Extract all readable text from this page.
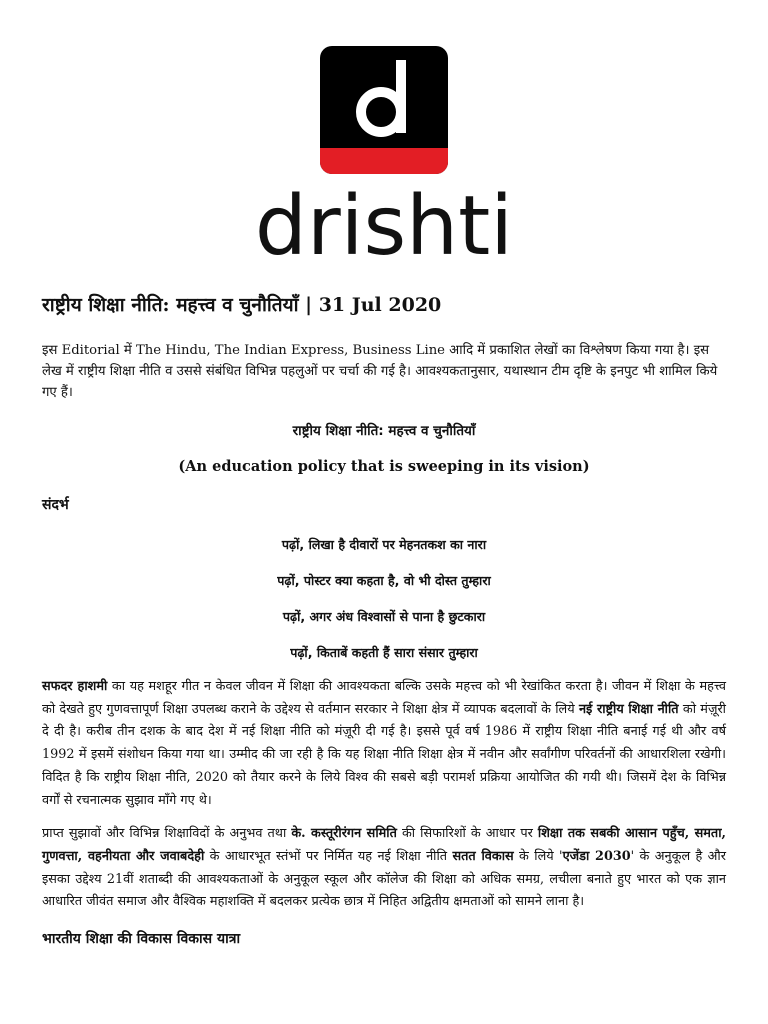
drishti
राष्ट्रीय शिक्षा नीति: महत्त्व व चुनौतियाँ | 31 Jul 2020

इस Editorial में The Hindu, The Indian Express, Business Line आदि में प्रकाशित लेखों का विश्लेषण किया गया है। इस लेख में राष्ट्रीय शिक्षा नीति व उससे संबंधित विभिन्न पहलुओं पर चर्चा की गई है। आवश्यकतानुसार, यथास्थान टीम दृष्टि के इनपुट भी शामिल किये गए हैं।

राष्ट्रीय शिक्षा नीति: महत्त्व व चुनौतियाँ

(An education policy that is sweeping in its vision)

संदर्भ

पढ़ों, लिखा है दीवारों पर मेहनतकश का नारा

पढ़ों, पोस्टर क्या कहता है, वो भी दोस्त तुम्हारा

पढ़ों, अगर अंध विश्वासों से पाना है छुटकारा

पढ़ों, किताबें कहती हैं सारा संसार तुम्हारा

सफदर हाशमी का यह मशहूर गीत न केवल जीवन में शिक्षा की आवश्यकता बल्कि उसके महत्त्व को भी रेखांकित करता है। जीवन में शिक्षा के महत्त्व को देखते हुए गुणवत्तापूर्ण शिक्षा उपलब्ध कराने के उद्देश्य से वर्तमान सरकार ने शिक्षा क्षेत्र में व्यापक बदलावों के लिये नई राष्ट्रीय शिक्षा नीति को मंज़ूरी दे दी है। करीब तीन दशक के बाद देश में नई शिक्षा नीति को मंज़ूरी दी गई है। इससे पूर्व वर्ष 1986 में राष्ट्रीय शिक्षा नीति बनाई गई थी और वर्ष 1992 में इसमें संशोधन किया गया था। उम्मीद की जा रही है कि यह शिक्षा नीति शिक्षा क्षेत्र में नवीन और सर्वांगीण परिवर्तनों की आधारशिला रखेगी। विदित है कि राष्ट्रीय शिक्षा नीति, 2020 को तैयार करने के लिये विश्व की सबसे बड़ी परामर्श प्रक्रिया आयोजित की गयी थी। जिसमें देश के विभिन्न वर्गों से रचनात्मक सुझाव माँगे गए थे।

प्राप्त सुझावों और विभिन्न शिक्षाविदों के अनुभव तथा के. कस्तूरीरंगन समिति की सिफारिशों के आधार पर शिक्षा तक सबकी आसान पहुँच, समता, गुणवत्ता, वहनीयता और जवाबदेही के आधारभूत स्तंभों पर निर्मित यह नई शिक्षा नीति सतत विकास के लिये 'एजेंडा 2030' के अनुकूल है और इसका उद्देश्य 21वीं शताब्दी की आवश्यकताओं के अनुकूल स्कूल और कॉलेज की शिक्षा को अधिक समग्र, लचीला बनाते हुए भारत को एक ज्ञान आधारित जीवंत समाज और वैश्विक महाशक्ति में बदलकर प्रत्येक छात्र में निहित अद्वितीय क्षमताओं को सामने लाना है।

भारतीय शिक्षा की विकास विकास यात्रा
